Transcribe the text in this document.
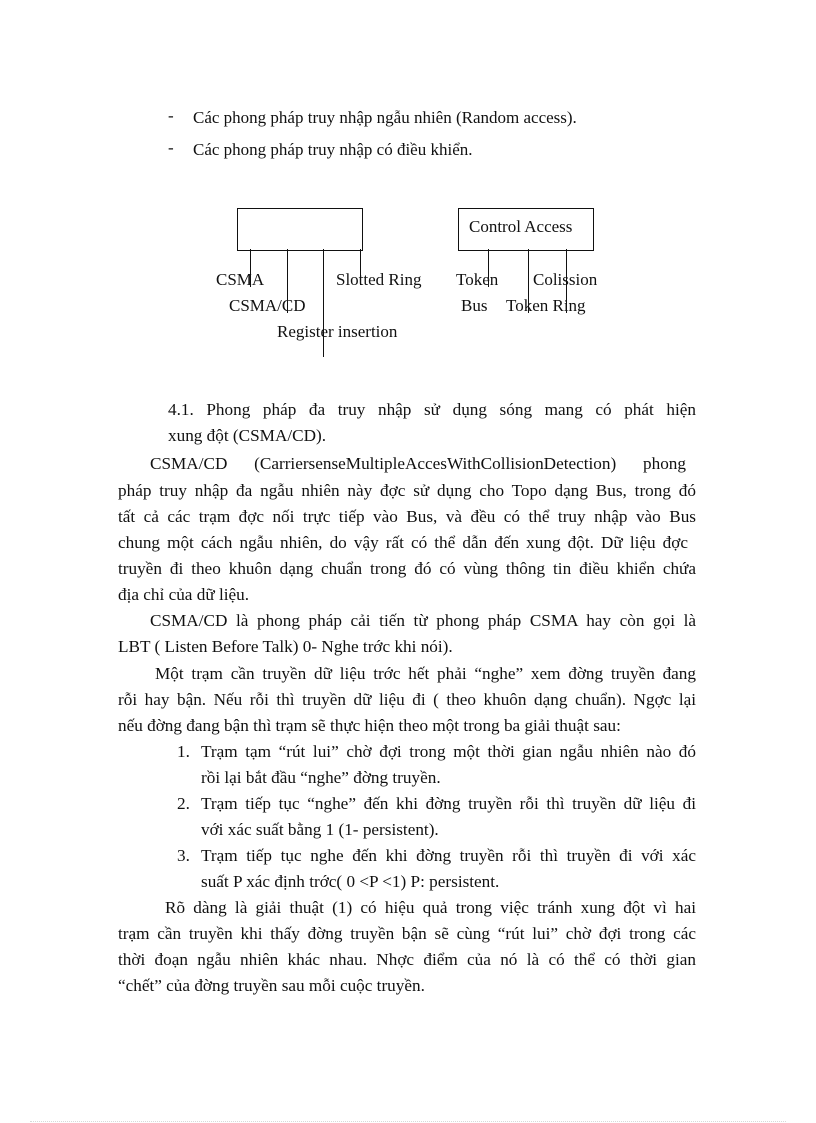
- Các phong pháp truy nhập ngẫu nhiên (Random access).
- Các phong pháp truy nhập có điều khiển.
CSMA
CSMA/CD
Slotted Ring
Register insertion
Control Access
Token
Bus
Colission
Token Ring
4.1. Phong pháp đa truy nhập sử dụng sóng mang có phát hiện
xung đột (CSMA/CD).
CSMA/CD (CarriersenseMultipleAccesWithCollisionDetection) phong
pháp truy nhập đa ngẫu nhiên này đợc sử dụng cho Topo dạng Bus, trong đó
tất cả các trạm đợc nối trực tiếp vào Bus, và đều có thể truy nhập vào Bus
chung một cách ngẫu nhiên, do vậy rất có thể dẫn đến xung đột. Dữ liệu đợc
truyền đi theo khuôn dạng chuẩn trong đó có vùng thông tin điều khiển chứa
địa chỉ của dữ liệu.
CSMA/CD là phong pháp cải tiến từ phong pháp CSMA hay còn gọi là
LBT ( Listen Before Talk) 0- Nghe trớc khi nói).
Một trạm cần truyền dữ liệu trớc hết phải “nghe” xem đờng truyền đang
rỗi hay bận. Nếu rỗi thì truyền dữ liệu đi ( theo khuôn dạng chuẩn). Ngợc lại
nếu đờng đang bận thì trạm sẽ thực hiện theo một trong ba giải thuật sau:
1. Trạm tạm “rút lui” chờ đợi trong một thời gian ngẫu nhiên nào đó
rồi lại bắt đầu “nghe” đờng truyền.
2. Trạm tiếp tục “nghe” đến khi đờng truyền rỗi thì truyền dữ liệu đi
với xác suất bằng 1 (1- persistent).
3. Trạm tiếp tục nghe đến khi đờng truyền rỗi thì truyền đi với xác
suất P xác định trớc( 0 <P <1) P: persistent.
Rõ dàng là giải thuật (1) có hiệu quả trong việc tránh xung đột vì hai
trạm cần truyền khi thấy đờng truyền bận sẽ cùng “rút lui” chờ đợi trong các
thời đoạn ngẫu nhiên khác nhau. Nhợc điểm của nó là có thể có thời gian
“chết” của đờng truyền sau mỗi cuộc truyền.
